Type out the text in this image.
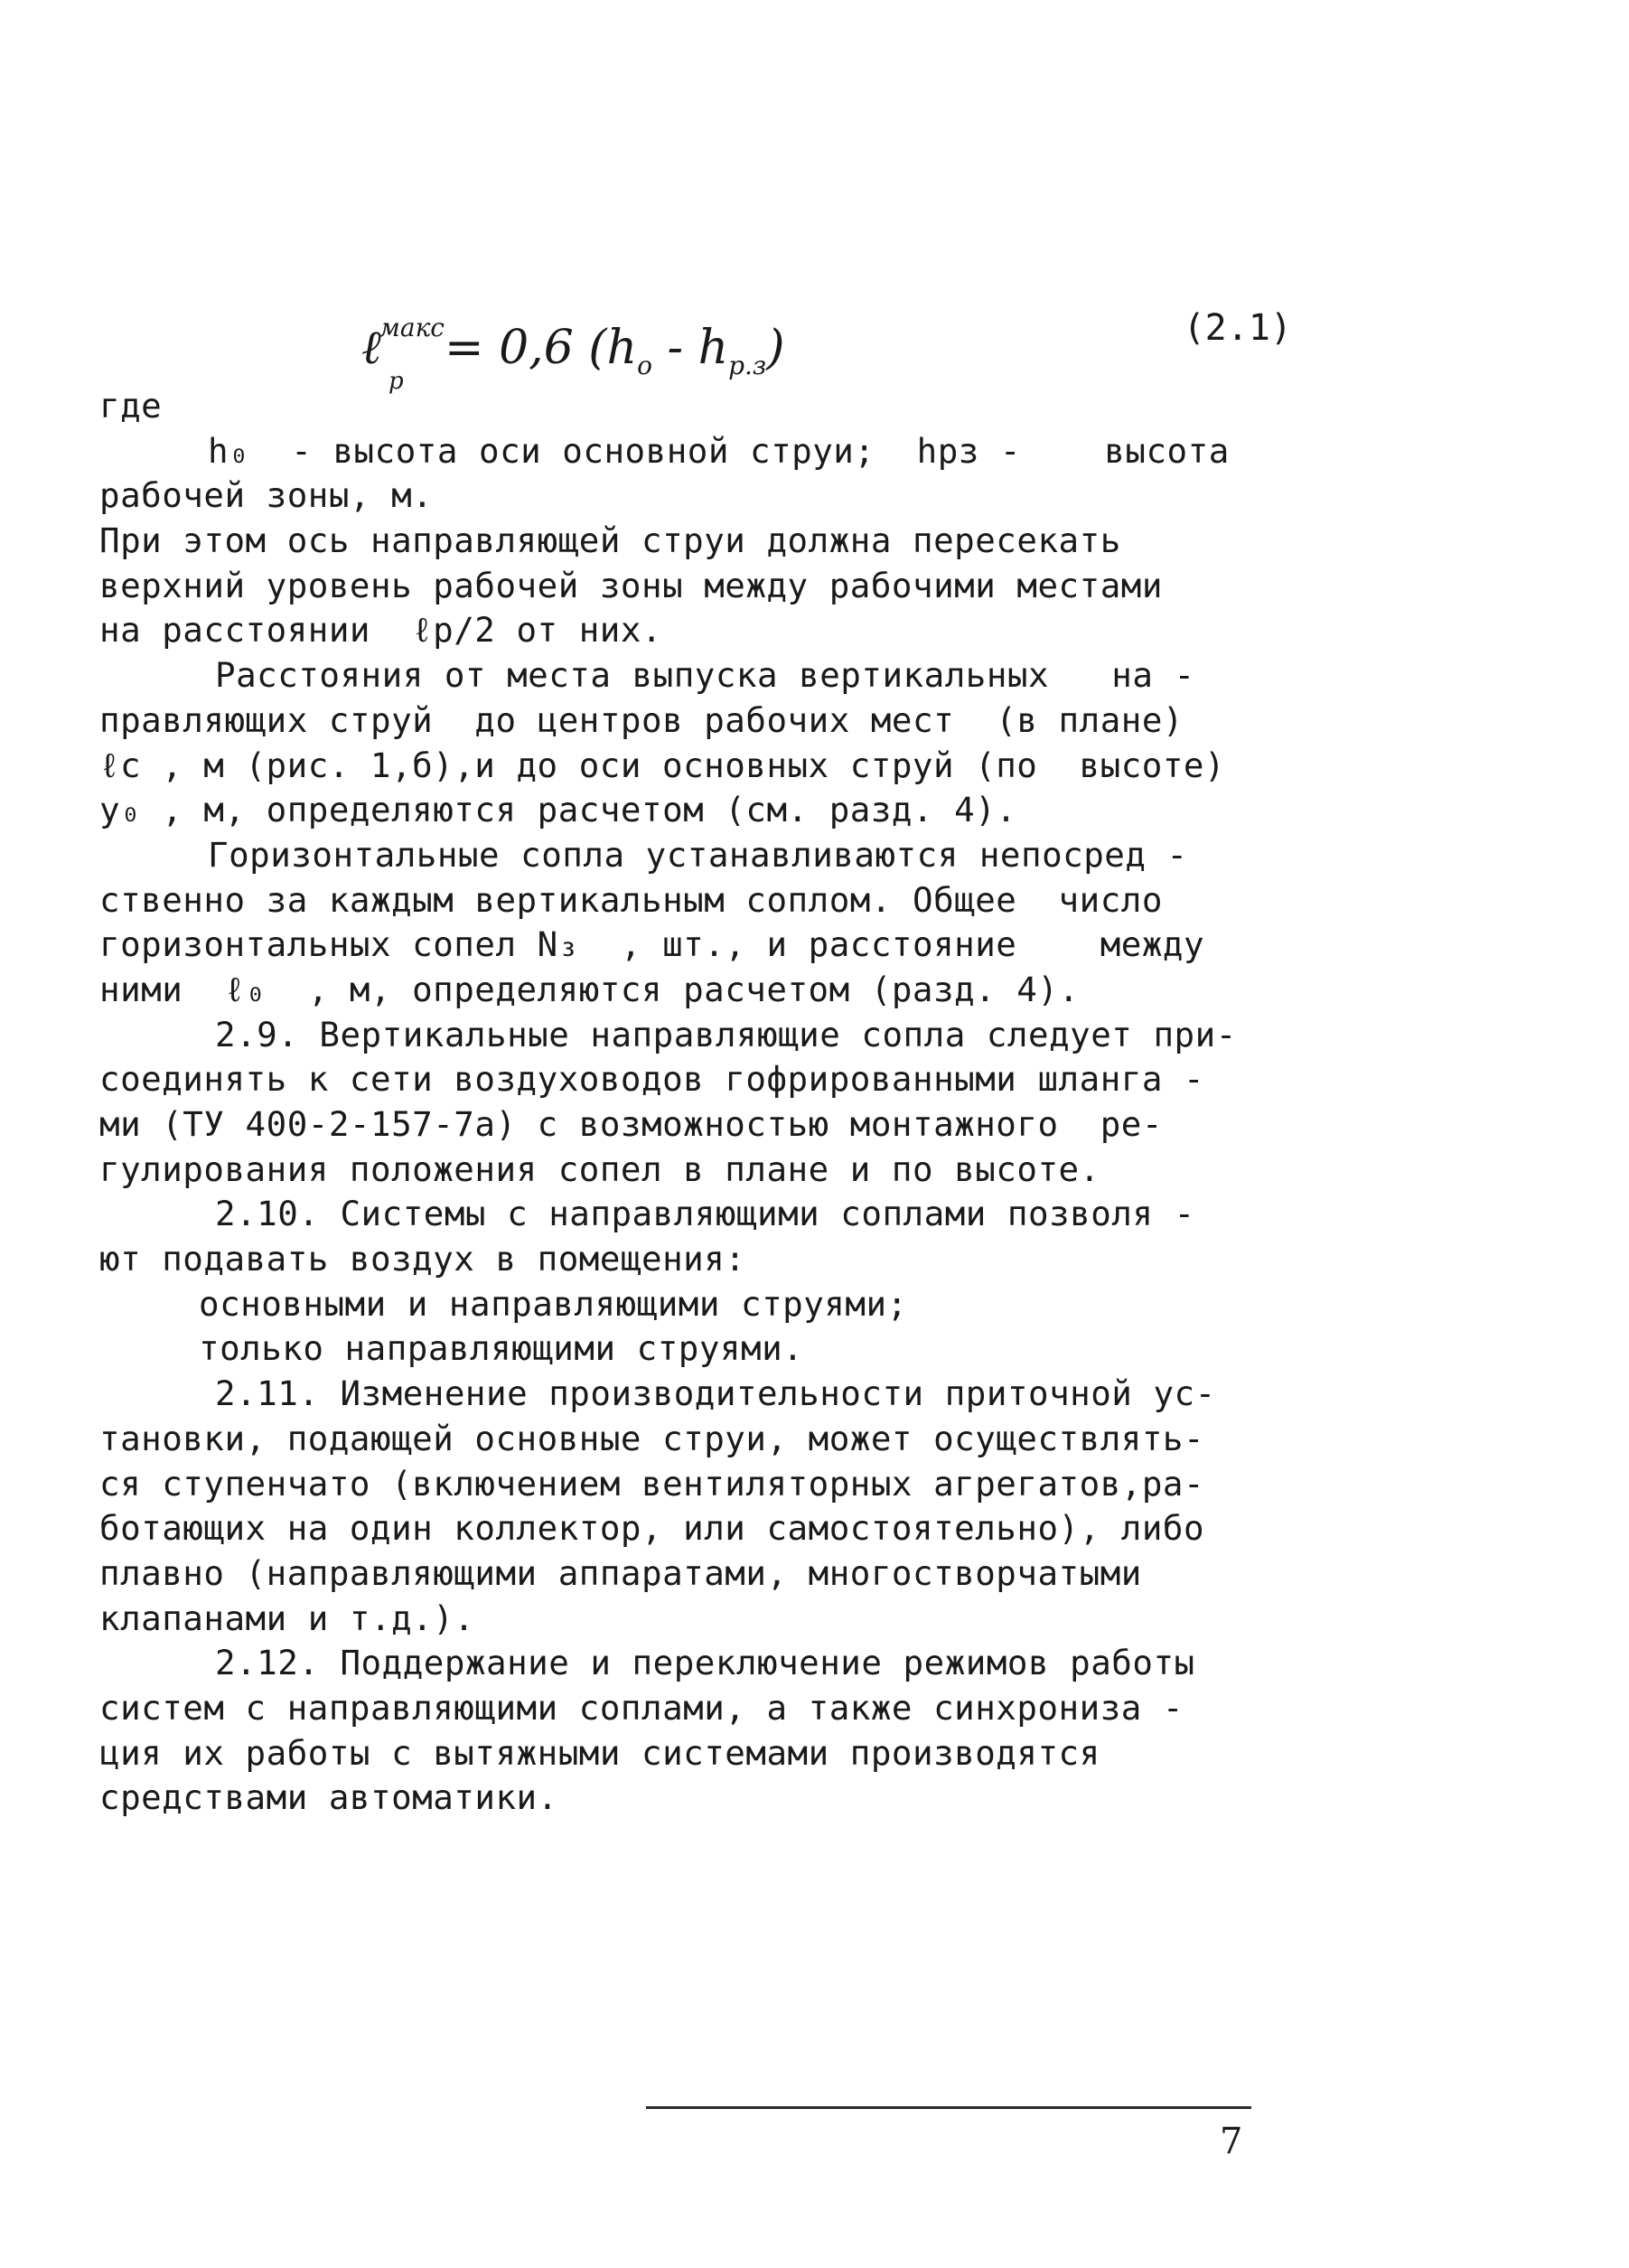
ℓ
р
$^{макс}$= 0,6 $(h_о - h_{р.з})$	(2.1)
где
h₀  - высота оси основной струи;  hрз -    высота
рабочей зоны, м.
При этом ось направляющей струи должна пересекать
верхний уровень рабочей зоны между рабочими местами
на расстоянии  ℓр/2 от них.
Расстояния от места выпуска вертикальных   на -
правляющих струй  до центров рабочих мест  (в плане)
ℓс , м (рис. 1,б),и до оси основных струй (по  высоте)
у₀ , м, определяются расчетом (см. разд. 4).
Горизонтальные сопла устанавливаются непосред -
ственно за каждым вертикальным соплом. Общее  число
горизонтальных сопел N₃  , шт., и расстояние    между
ними  ℓ₀  , м, определяются расчетом (разд. 4).
2.9. Вертикальные направляющие сопла следует при-
соединять к сети воздуховодов гофрированными шланга -
ми (ТУ 400-2-157-7а) с возможностью монтажного  ре-
гулирования положения сопел в плане и по высоте.
2.10. Системы с направляющими соплами позволя -
ют подавать воздух в помещения:
основными и направляющими струями;
только направляющими струями.
2.11. Изменение производительности приточной ус-
тановки, подающей основные струи, может осуществлять-
ся ступенчато (включением вентиляторных агрегатов,ра-
ботающих на один коллектор, или самостоятельно), либо
плавно (направляющими аппаратами, многостворчатыми
клапанами и т.д.).
2.12. Поддержание и переключение режимов работы
систем с направляющими соплами, а также синхрониза -
ция их работы с вытяжными системами производятся
средствами автоматики.
7
